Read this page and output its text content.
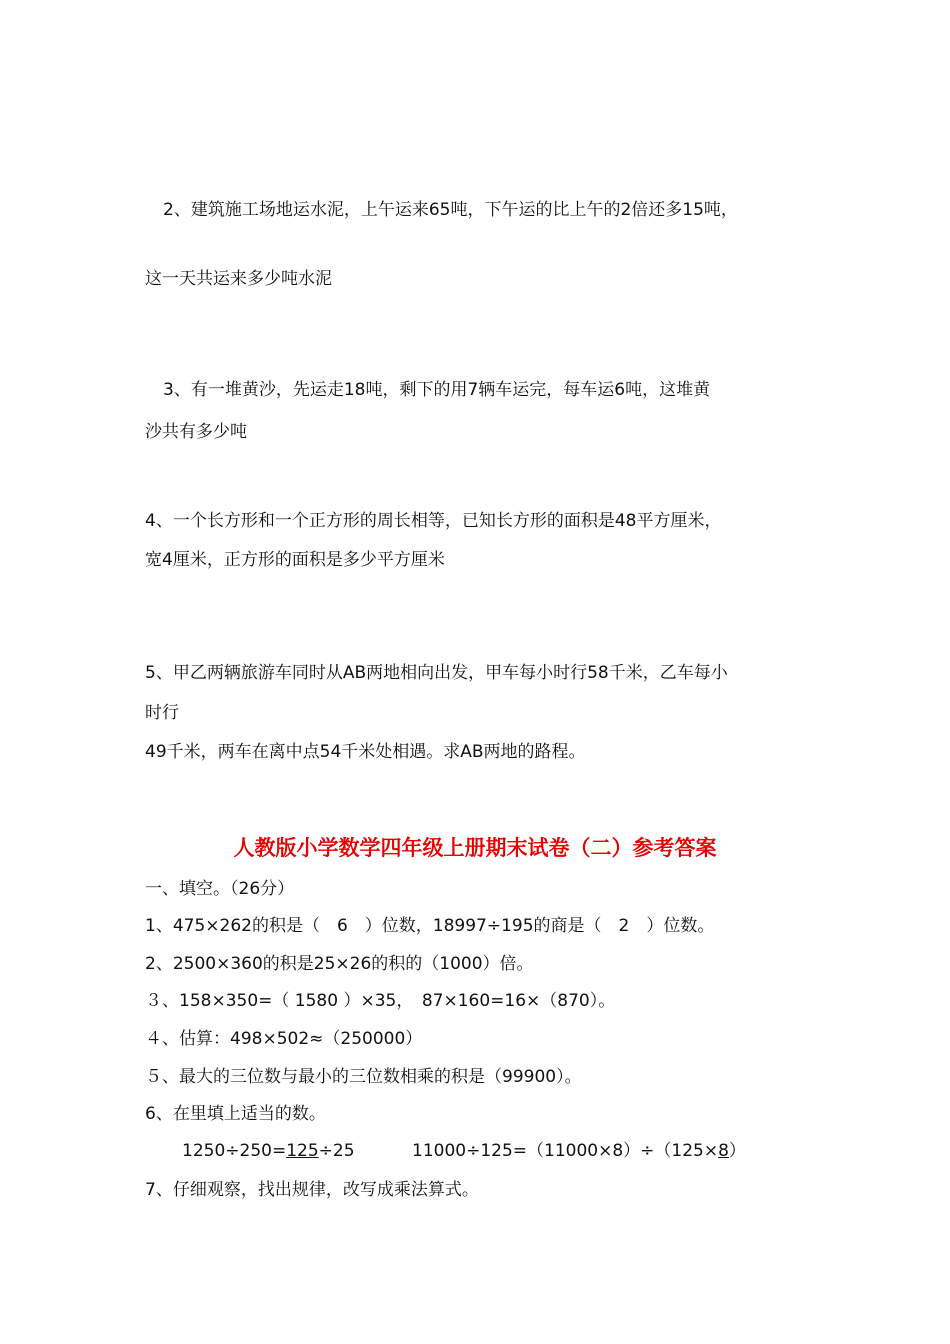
2、建筑施工场地运水泥，上午运来65吨，下午运的比上午的2倍还多15吨，
这一天共运来多少吨水泥
3、有一堆黄沙，先运走18吨，剩下的用7辆车运完，每车运6吨，这堆黄
沙共有多少吨
4、一个长方形和一个正方形的周长相等，已知长方形的面积是48平方厘米，
宽4厘米，正方形的面积是多少平方厘米
5、甲乙两辆旅游车同时从AB两地相向出发，甲车每小时行58千米，乙车每小
时行
49千米，两车在离中点54千米处相遇。求AB两地的路程。
人教版小学数学四年级上册期末试卷（二）参考答案
一、填空。（26分）
1、475×262的积是（　6　）位数，18997÷195的商是（　2　）位数。
2、2500×360的积是25×26的积的（1000）倍。
３、158×350=（ 1580 ）×35，　87×160=16×（870）。
４、估算：498×502≈（250000）
５、最大的三位数与最小的三位数相乘的积是（99900）。
6、在里填上适当的数。
1250÷250=125÷25	11000÷125=（11000×8）÷（125×8）
7、仔细观察，找出规律，改写成乘法算式。
